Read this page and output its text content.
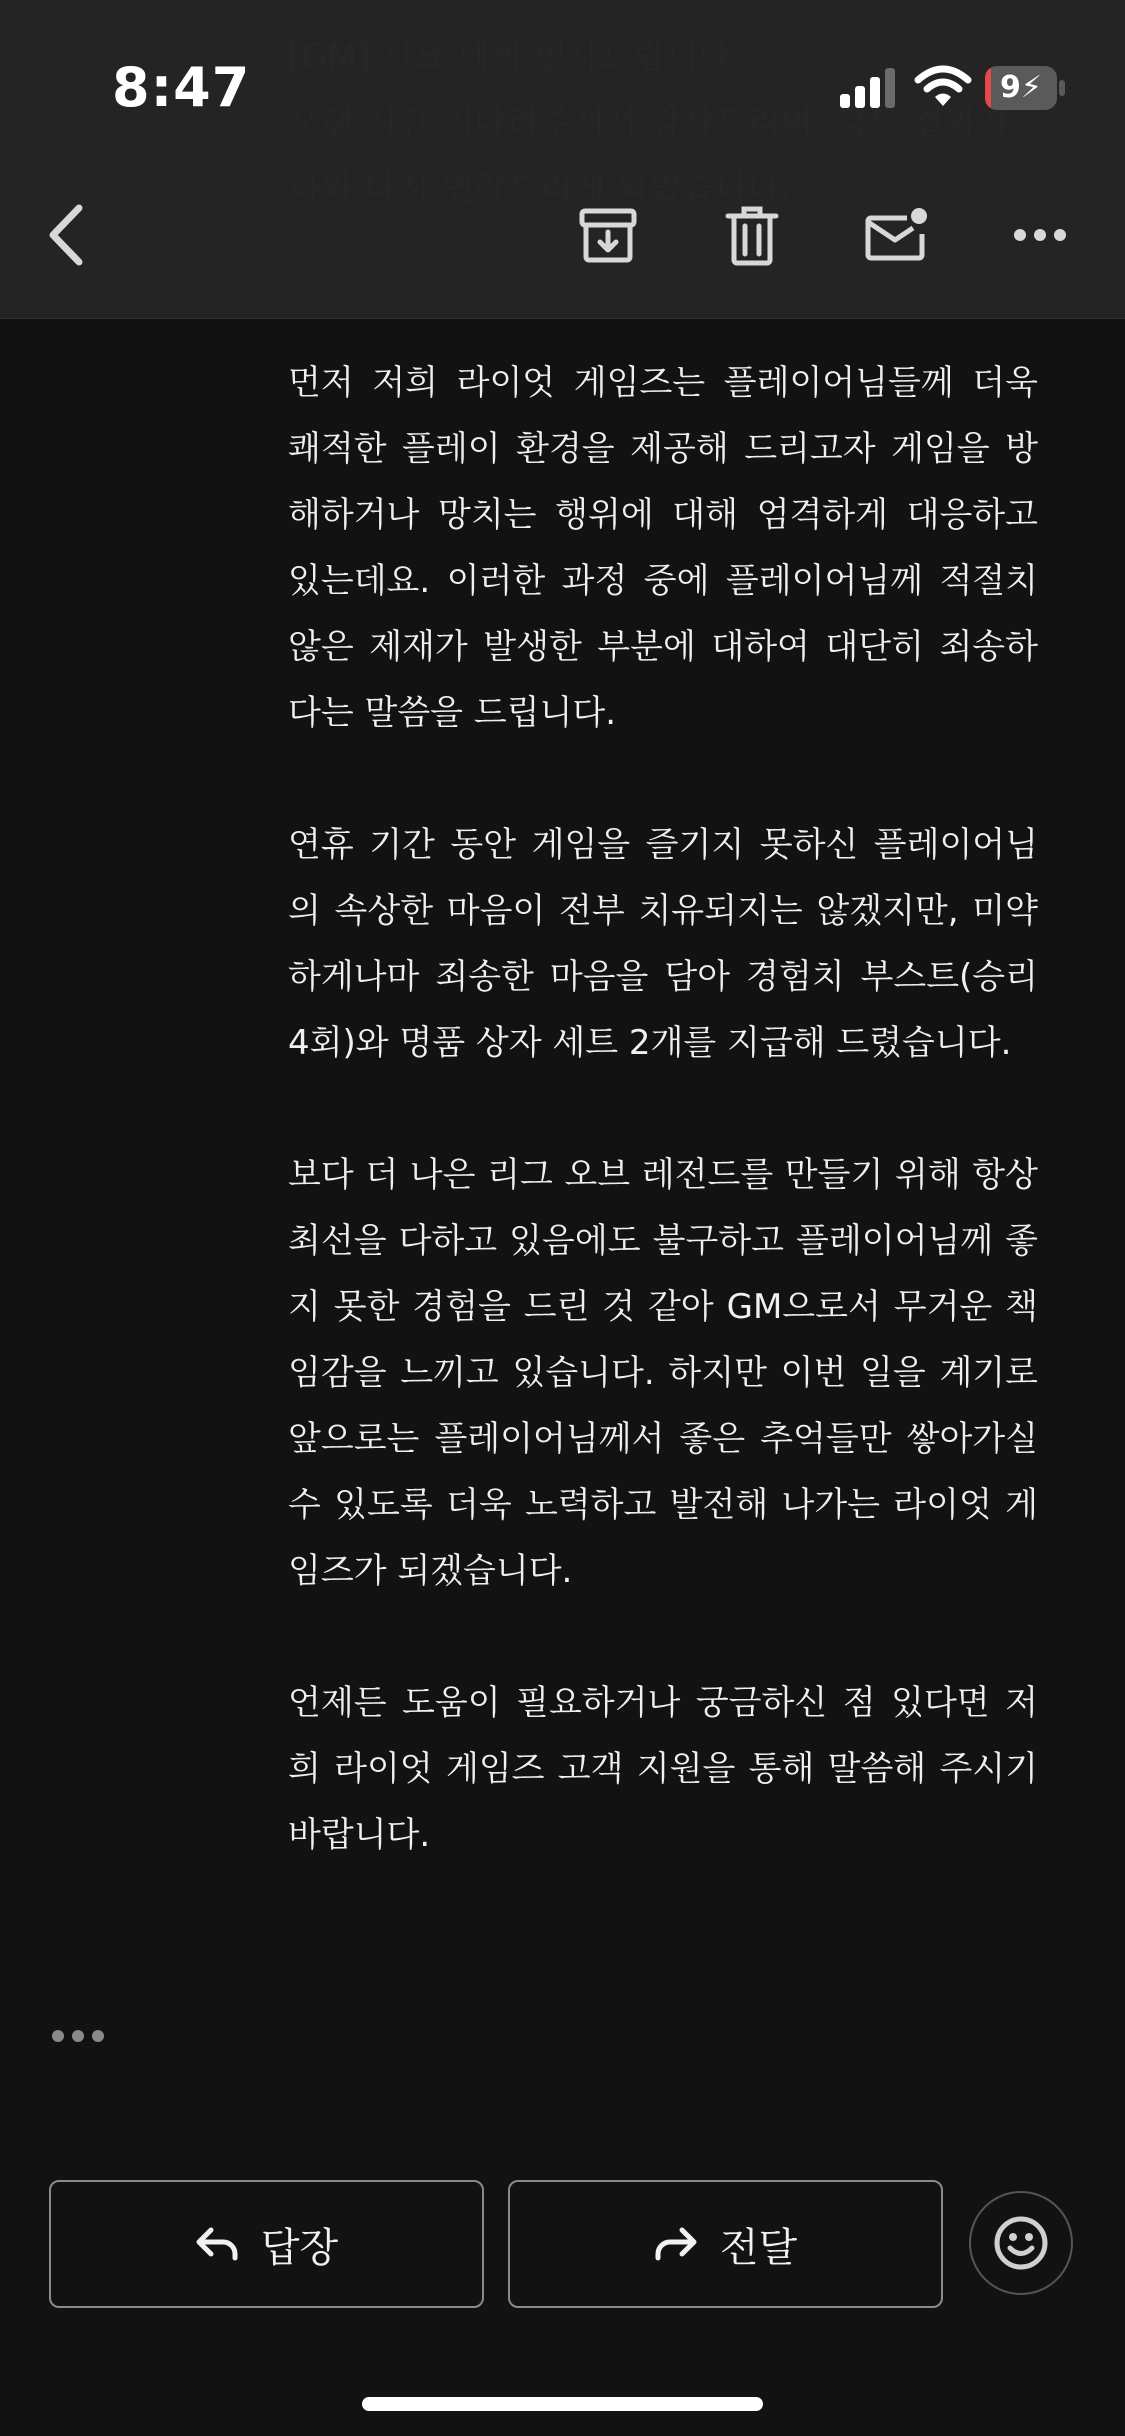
8:47	9⚡

먼저 저희 라이엇 게임즈는 플레이어님들께 더욱 쾌적한 플레이 환경을 제공해 드리고자 게임을 방해하거나 망치는 행위에 대해 엄격하게 대응하고 있는데요. 이러한 과정 중에 플레이어님께 적절치 않은 제재가 발생한 부분에 대하여 대단히 죄송하다는 말씀을 드립니다.

연휴 기간 동안 게임을 즐기지 못하신 플레이어님의 속상한 마음이 전부 치유되지는 않겠지만, 미약하게나마 죄송한 마음을 담아 경험치 부스트(승리 4회)와 명품 상자 세트 2개를 지급해 드렸습니다.

보다 더 나은 리그 오브 레전드를 만들기 위해 항상 최선을 다하고 있음에도 불구하고 플레이어님께 좋지 못한 경험을 드린 것 같아 GM으로서 무거운 책임감을 느끼고 있습니다. 하지만 이번 일을 계기로 앞으로는 플레이어님께서 좋은 추억들만 쌓아가실 수 있도록 더욱 노력하고 발전해 나가는 라이엇 게임즈가 되겠습니다.

언제든 도움이 필요하거나 궁금하신 점 있다면 저희 라이엇 게임즈 고객 지원을 통해 말씀해 주시기 바랍니다.

답장	전달
